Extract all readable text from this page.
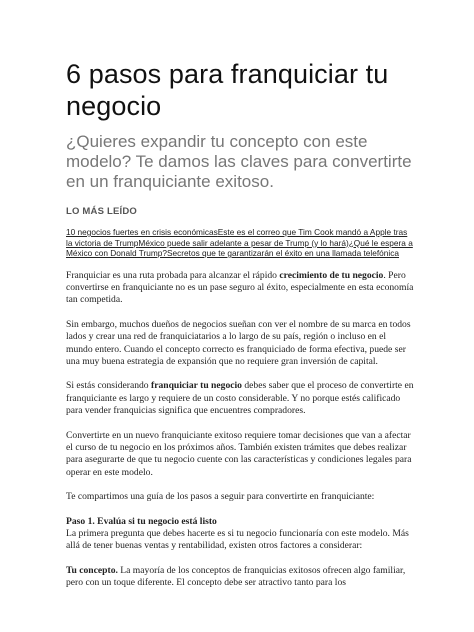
6 pasos para franquiciar tu negocio
¿Quieres expandir tu concepto con este modelo? Te damos las claves para convertirte en un franquiciante exitoso.
LO MÁS LEÍDO
10 negocios fuertes en crisis económicasEste es el correo que Tim Cook mandó a Apple tras la victoria de TrumpMéxico puede salir adelante a pesar de Trump (y lo hará)¿Qué le espera a México con Donald Trump?Secretos que te garantizarán el éxito en una llamada telefónica

Franquiciar es una ruta probada para alcanzar el rápido crecimiento de tu negocio. Pero convertirse en franquiciante no es un pase seguro al éxito, especialmente en esta economía tan competida.

Sin embargo, muchos dueños de negocios sueñan con ver el nombre de su marca en todos lados y crear una red de franquiciatarios a lo largo de su país, región o incluso en el mundo entero. Cuando el concepto correcto es franquiciado de forma efectiva, puede ser una muy buena estrategia de expansión que no requiere gran inversión de capital.

Si estás considerando franquiciar tu negocio debes saber que el proceso de convertirte en franquiciante es largo y requiere de un costo considerable. Y no porque estés calificado para vender franquicias significa que encuentres compradores.

Convertirte en un nuevo franquiciante exitoso requiere tomar decisiones que van a afectar el curso de tu negocio en los próximos años. También existen trámites que debes realizar para asegurarte de que tu negocio cuente con las características y condiciones legales para operar en este modelo.

Te compartimos una guía de los pasos a seguir para convertirte en franquiciante:

Paso 1. Evalúa si tu negocio está listo
La primera pregunta que debes hacerte es si tu negocio funcionaría con este modelo. Más allá de tener buenas ventas y rentabilidad, existen otros factores a considerar:

Tu concepto. La mayoría de los conceptos de franquicias exitosos ofrecen algo familiar, pero con un toque diferente. El concepto debe ser atractivo tanto para los
